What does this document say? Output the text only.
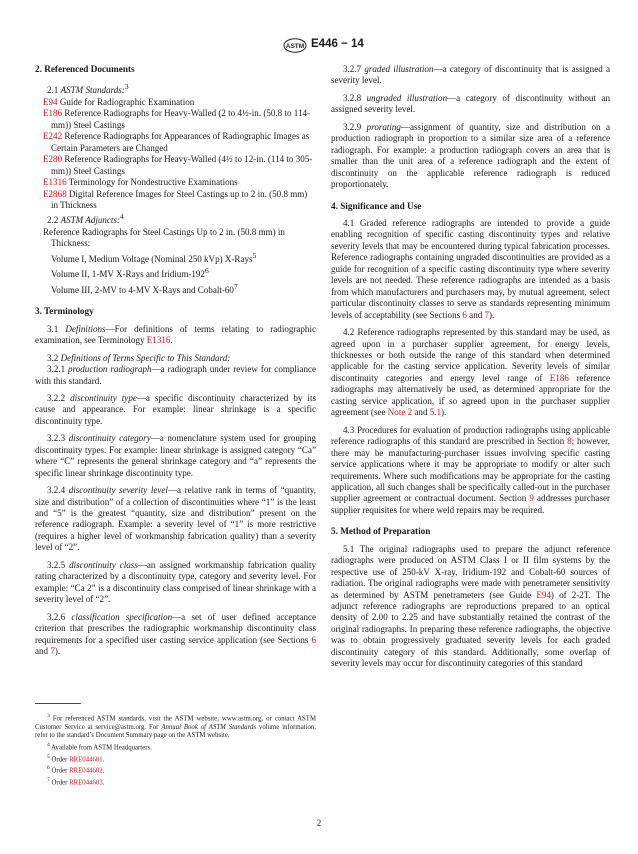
ASTM E446 − 14
2. Referenced Documents

2.1 ASTM Standards:$^3$

E94 Guide for Radiographic Examination

E186 Reference Radiographs for Heavy-Walled (2 to 4½-in. (50.8 to 114-mm)) Steel Castings

E242 Reference Radiographs for Appearances of Radiographic Images as Certain Parameters are Changed

E280 Reference Radiographs for Heavy-Walled (4½ to 12-in. (114 to 305-mm)) Steel Castings

E1316 Terminology for Nondestructive Examinations

E2868 Digital Reference Images for Steel Castings up to 2 in. (50.8 mm) in Thickness

2.2 ASTM Adjuncts:$^4$

Reference Radiographs for Steel Castings Up to 2 in. (50.8 mm) in Thickness:

Volume I, Medium Voltage (Nominal 250 kVp) X-Rays$^5$

Volume II, 1-MV X-Rays and Iridium-$192^6$

Volume III, 2-MV to 4-MV X-Rays and Cobalt-$60^7$

3. Terminology

3.1 Definitions—For definitions of terms relating to radiographic examination, see Terminology E1316.

3.2 Definitions of Terms Specific to This Standard:

3.2.1 production radiograph—a radiograph under review for compliance with this standard.

3.2.2 discontinuity type—a specific discontinuity characterized by its cause and appearance. For example: linear shrinkage is a specific discontinuity type.

3.2.3 discontinuity category—a nomenclature system used for grouping discontinuity types. For example: linear shrinkage is assigned category “Ca” where “C” represents the general shrinkage category and “a” represents the specific linear shrinkage discontinuity type.

3.2.4 discontinuity severity level—a relative rank in terms of “quantity, size and distribution” of a collection of discontinuities where “1” is the least and “5” is the greatest “quantity, size and distribution” present on the reference radiograph. Example: a severity level of “1” is more restrictive (requires a higher level of workmanship fabrication quality) than a severity level of “2”.

3.2.5 discontinuity class—an assigned workmanship fabrication quality rating characterized by a discontinuity type, category and severity level. For example: “Ca 2” is a discontinuity class comprised of linear shrinkage with a severity level of “2”.

3.2.6 classification specification—a set of user defined acceptance criterion that prescribes the radiographic workmanship discontinuity class requirements for a specified user casting service application (see Sections 6 and 7).

$^3$ For referenced ASTM standards, visit the ASTM website, www.astm.org, or contact ASTM Customer Service at service@astm.org. For Annual Book of ASTM Standards volume information, refer to the standard’s Document Summary page on the ASTM website.

$^4$ Available from ASTM Headquarters.

$^5$ Order RRE044601.

$^6$ Order RRE044602.

$^7$ Order RRE044603.

3.2.7 graded illustration—a category of discontinuity that is assigned a severity level.

3.2.8 ungraded illustration—a category of discontinuity without an assigned severity level.

3.2.9 prorating—assignment of quantity, size and distribution on a production radiograph in proportion to a similar size area of a reference radiograph. For example: a production radiograph covers an area that is smaller than the unit area of a reference radiograph and the extent of discontinuity on the applicable reference radiograph is reduced proportionately.

4. Significance and Use

4.1 Graded reference radiographs are intended to provide a guide enabling recognition of specific casting discontinuity types and relative severity levels that may be encountered during typical fabrication processes. Reference radiographs containing ungraded discontinuities are provided as a guide for recognition of a specific casting discontinuity type where severity levels are not needed. These reference radiographs are intended as a basis from which manufacturers and purchasers may, by mutual agreement, select particular discontinuity classes to serve as standards representing minimum levels of acceptability (see Sections 6 and 7).

4.2 Reference radiographs represented by this standard may be used, as agreed upon in a purchaser supplier agreement, for energy levels, thicknesses or both outside the range of this standard when determined applicable for the casting service application. Severity levels of similar discontinuity categories and energy level range of E186 reference radiographs may alternatively be used, as determined appropriate for the casting service application, if so agreed upon in the purchaser supplier agreement (see Note 2 and 5.1).

4.3 Procedures for evaluation of production radiographs using applicable reference radiographs of this standard are prescribed in Section 8; however, there may be manufacturing-purchaser issues involving specific casting service applications where it may be appropriate to modify or alter such requirements. Where such modifications may be appropriate for the casting application, all such changes shall be specifically called-out in the purchaser supplier agreement or contractual document. Section 9 addresses purchaser supplier requisites for where weld repairs may be required.

5. Method of Preparation

5.1 The original radiographs used to prepare the adjunct reference radiographs were produced on ASTM Class I or II film systems by the respective use of 250-kV X-ray, Iridium-192 and Cobalt-60 sources of radiation. The original radiographs were made with penetrameter sensitivity as determined by ASTM penetrameters (see Guide E94) of 2-2T. The adjunct reference radiographs are reproductions prepared to an optical density of 2.00 to 2.25 and have substantially retained the contrast of the original radiographs. In preparing these reference radiographs, the objective was to obtain progressively graduated severity levels for each graded discontinuity category of this standard. Additionally, some overlap of severity levels may occur for discontinuity categories of this standard

2
